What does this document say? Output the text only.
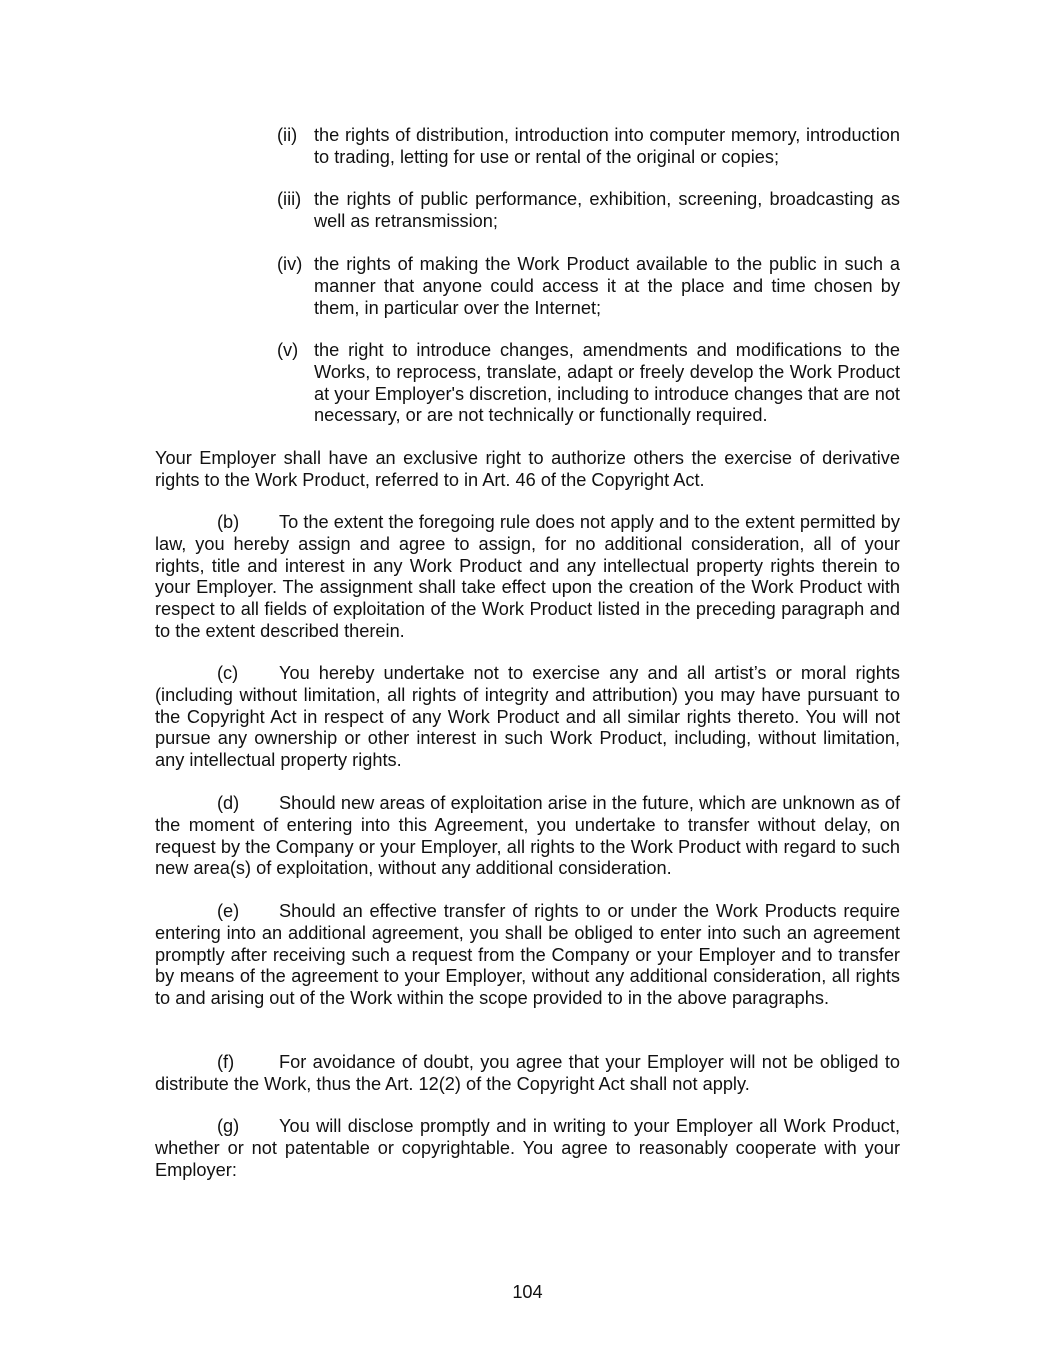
(ii) the rights of distribution, introduction into computer memory, introduction to trading, letting for use or rental of the original or copies;
(iii) the rights of public performance, exhibition, screening, broadcasting as well as retransmission;
(iv) the rights of making the Work Product available to the public in such a manner that anyone could access it at the place and time chosen by them, in particular over the Internet;
(v) the right to introduce changes, amendments and modifications to the Works, to reprocess, translate, adapt or freely develop the Work Product at your Employer's discretion, including to introduce changes that are not necessary, or are not technically or functionally required.

Your Employer shall have an exclusive right to authorize others the exercise of derivative rights to the Work Product, referred to in Art. 46 of the Copyright Act.

(b) To the extent the foregoing rule does not apply and to the extent permitted by law, you hereby assign and agree to assign, for no additional consideration, all of your rights, title and interest in any Work Product and any intellectual property rights therein to your Employer. The assignment shall take effect upon the creation of the Work Product with respect to all fields of exploitation of the Work Product listed in the preceding paragraph and to the extent described therein.

(c) You hereby undertake not to exercise any and all artist’s or moral rights (including without limitation, all rights of integrity and attribution) you may have pursuant to the Copyright Act in respect of any Work Product and all similar rights thereto. You will not pursue any ownership or other interest in such Work Product, including, without limitation, any intellectual property rights.

(d) Should new areas of exploitation arise in the future, which are unknown as of the moment of entering into this Agreement, you undertake to transfer without delay, on request by the Company or your Employer, all rights to the Work Product with regard to such new area(s) of exploitation, without any additional consideration.

(e) Should an effective transfer of rights to or under the Work Products require entering into an additional agreement, you shall be obliged to enter into such an agreement promptly after receiving such a request from the Company or your Employer and to transfer by means of the agreement to your Employer, without any additional consideration, all rights to and arising out of the Work within the scope provided to in the above paragraphs.

(f) For avoidance of doubt, you agree that your Employer will not be obliged to distribute the Work, thus the Art. 12(2) of the Copyright Act shall not apply.

(g) You will disclose promptly and in writing to your Employer all Work Product, whether or not patentable or copyrightable. You agree to reasonably cooperate with your Employer:

104
